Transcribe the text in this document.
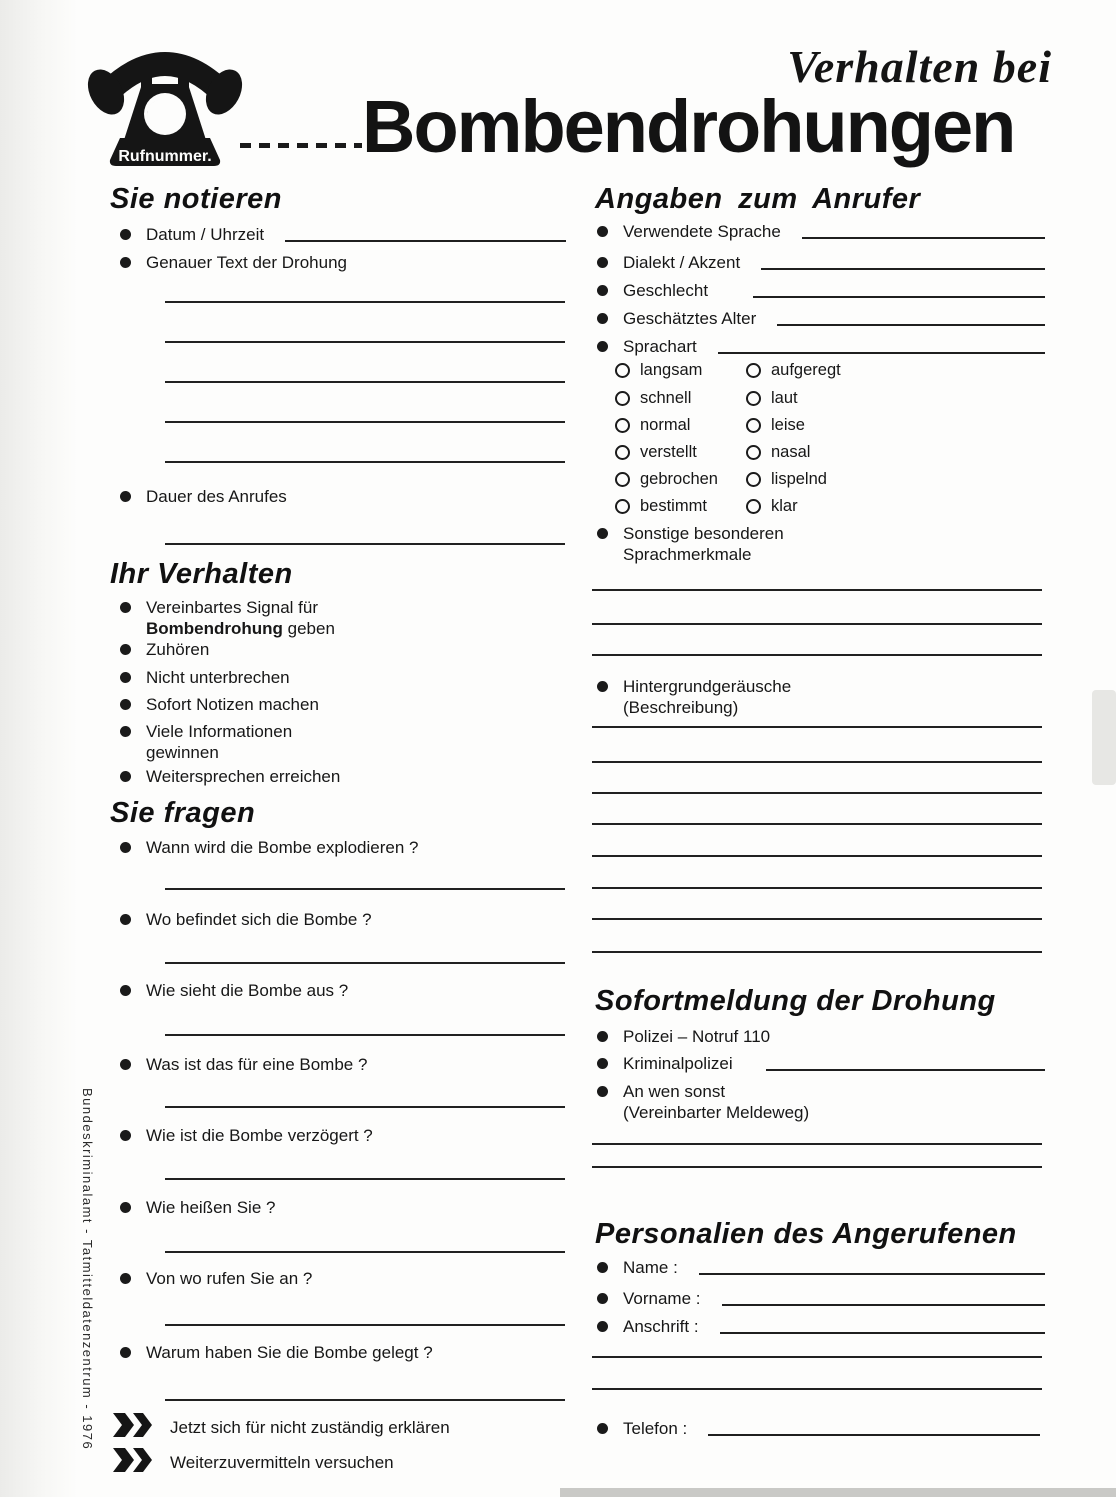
Bundeskriminalamt - Tatmitteldatenzentrum - 1976
Rufnummer.
Verhalten bei
Bombendrohungen
Sie notieren
Datum / Uhrzeit
Genauer Text der Drohung
Dauer des Anrufes
Ihr Verhalten
Vereinbartes Signal für
Bombendrohung geben
Zuhören
Nicht unterbrechen
Sofort Notizen machen
Viele Informationen
gewinnen
Weitersprechen erreichen
Sie fragen
Wann wird die Bombe explodieren ?
Wo befindet sich die Bombe ?
Wie sieht die Bombe aus ?
Was ist das für eine Bombe ?
Wie ist die Bombe verzögert ?
Wie heißen Sie ?
Von wo rufen Sie an ?
Warum haben Sie die Bombe gelegt ?
Jetzt sich für nicht zuständig erklären
Weiterzuvermitteln versuchen
Angaben zum Anrufer
Verwendete Sprache
Dialekt / Akzent
Geschlecht
Geschätztes Alter
Sprachart
langsam	aufgeregt
schnell	laut
normal	leise
verstellt	nasal
gebrochen	lispelnd
bestimmt	klar
Sonstige besonderen
Sprachmerkmale
Hintergrundgeräusche
(Beschreibung)
Sofortmeldung der Drohung
Polizei – Notruf 110
Kriminalpolizei
An wen sonst
(Vereinbarter Meldeweg)
Personalien des Angerufenen
Name :
Vorname :
Anschrift :
Telefon :
